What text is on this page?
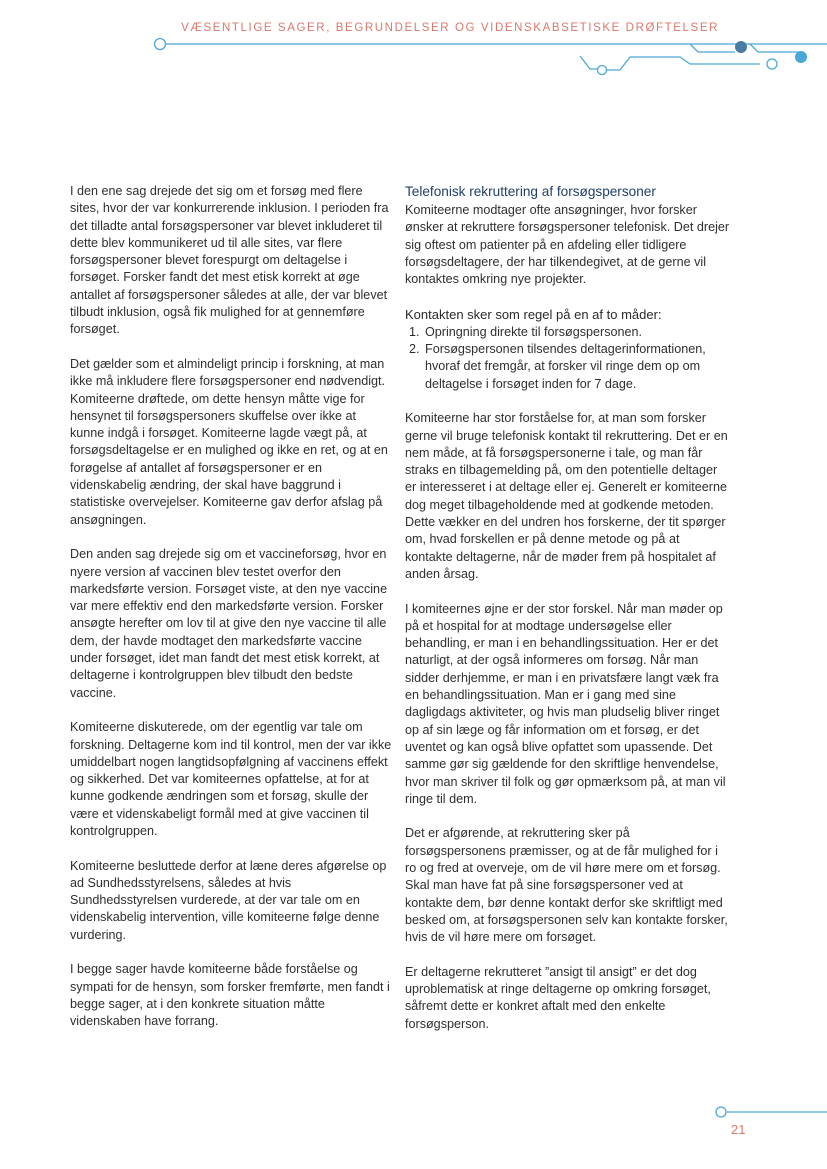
VÆSENTLIGE SAGER, BEGRUNDELSER OG VIDENSKABSETISKE DRØFTELSER

I den ene sag drejede det sig om et forsøg med flere sites, hvor der var konkurrerende inklusion. I perioden fra det tilladte antal forsøgspersoner var blevet inkluderet til dette blev kommunikeret ud til alle sites, var flere forsøgspersoner blevet forespurgt om deltagelse i forsøget. Forsker fandt det mest etisk korrekt at øge antallet af forsøgspersoner således at alle, der var blevet tilbudt inklusion, også fik mulighed for at gennemføre forsøget.

Det gælder som et almindeligt princip i forskning, at man ikke må inkludere flere forsøgspersoner end nødvendigt. Komiteerne drøftede, om dette hensyn måtte vige for hensynet til forsøgspersoners skuffelse over ikke at kunne indgå i forsøget. Komiteerne lagde vægt på, at forsøgsdeltagelse er en mulighed og ikke en ret, og at en forøgelse af antallet af forsøgspersoner er en videnskabelig ændring, der skal have baggrund i statistiske overvejelser. Komiteerne gav derfor afslag på ansøgningen.

Den anden sag drejede sig om et vaccineforsøg, hvor en nyere version af vaccinen blev testet overfor den markedsførte version. Forsøget viste, at den nye vaccine var mere effektiv end den markedsførte version. Forsker ansøgte herefter om lov til at give den nye vaccine til alle dem, der havde modtaget den markedsførte vaccine under forsøget, idet man fandt det mest etisk korrekt, at deltagerne i kontrolgruppen blev tilbudt den bedste vaccine.

Komiteerne diskuterede, om der egentlig var tale om forskning. Deltagerne kom ind til kontrol, men der var ikke umiddelbart nogen langtidsopfølgning af vaccinens effekt og sikkerhed. Det var komiteernes opfattelse, at for at kunne godkende ændringen som et forsøg, skulle der være et videnskabeligt formål med at give vaccinen til kontrolgruppen.

Komiteerne besluttede derfor at læne deres afgørelse op ad Sundhedsstyrelsens, således at hvis Sundhedsstyrelsen vurderede, at der var tale om en videnskabelig intervention, ville komiteerne følge denne vurdering.

I begge sager havde komiteerne både forståelse og sympati for de hensyn, som forsker fremførte, men fandt i begge sager, at i den konkrete situation måtte videnskaben have forrang.

Telefonisk rekruttering af forsøgspersoner

Komiteerne modtager ofte ansøgninger, hvor forsker ønsker at rekruttere forsøgspersoner telefonisk. Det drejer sig oftest om patienter på en afdeling eller tidligere forsøgsdeltagere, der har tilkendegivet, at de gerne vil kontaktes omkring nye projekter.

Kontakten sker som regel på en af to måder:
1. Opringning direkte til forsøgspersonen.
2. Forsøgspersonen tilsendes deltagerinformationen, hvoraf det fremgår, at forsker vil ringe dem op om deltagelse i forsøget inden for 7 dage.

Komiteerne har stor forståelse for, at man som forsker gerne vil bruge telefonisk kontakt til rekruttering. Det er en nem måde, at få forsøgspersonerne i tale, og man får straks en tilbagemelding på, om den potentielle deltager er interesseret i at deltage eller ej. Generelt er komiteerne dog meget tilbageholdende med at godkende metoden. Dette vækker en del undren hos forskerne, der tit spørger om, hvad forskellen er på denne metode og på at kontakte deltagerne, når de møder frem på hospitalet af anden årsag.

I komiteernes øjne er der stor forskel. Når man møder op på et hospital for at modtage undersøgelse eller behandling, er man i en behandlingssituation. Her er det naturligt, at der også informeres om forsøg. Når man sidder derhjemme, er man i en privatsfære langt væk fra en behandlingssituation. Man er i gang med sine dagligdags aktiviteter, og hvis man pludselig bliver ringet op af sin læge og får information om et forsøg, er det uventet og kan også blive opfattet som upassende. Det samme gør sig gældende for den skriftlige henvendelse, hvor man skriver til folk og gør opmærksom på, at man vil ringe til dem.

Det er afgørende, at rekruttering sker på forsøgspersonens præmisser, og at de får mulighed for i ro og fred at overveje, om de vil høre mere om et forsøg. Skal man have fat på sine forsøgspersoner ved at kontakte dem, bør denne kontakt derfor ske skriftligt med besked om, at forsøgspersonen selv kan kontakte forsker, hvis de vil høre mere om forsøget.

Er deltagerne rekrutteret ”ansigt til ansigt” er det dog uproblematisk at ringe deltagerne op omkring forsøget, såfremt dette er konkret aftalt med den enkelte forsøgsperson.

21
